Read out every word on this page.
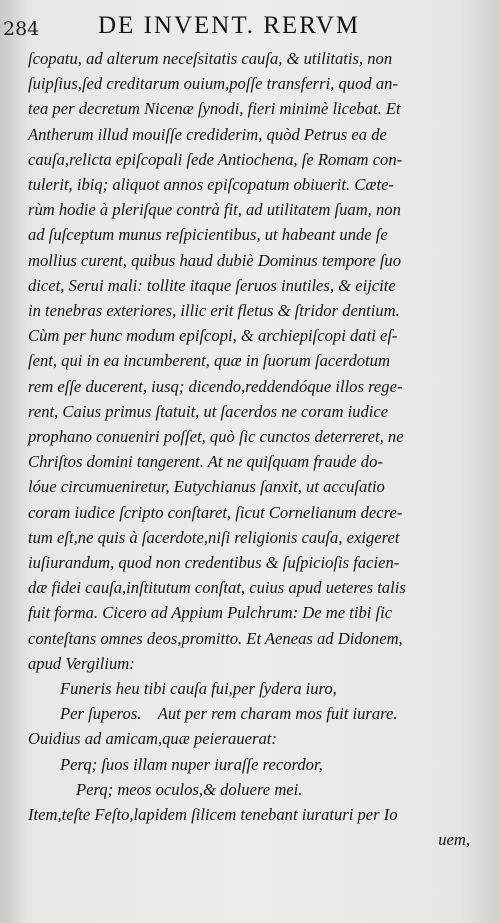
284 DE INVENT. RERVM
ſcopatu, ad alterum neceſsitatis cauſa, & utilitatis, non
ſuipſius,ſed creditarum ouium,poſſe transferri, quod an-
tea per decretum Nicenæ ſynodi, fieri minimè licebat. Et
Antherum illud mouiſſe crediderim, quòd Petrus ea de
cauſa,relicta epiſcopali ſede Antiochena, ſe Romam con-
tulerit, ibiq; aliquot annos epiſcopatum obiuerit. Cæte-
rùm hodie à pleriſque contrà fit, ad utilitatem ſuam, non
ad ſuſceptum munus reſpicientibus, ut habeant unde ſe
mollius curent, quibus haud dubiè Dominus tempore ſuo
dicet, Serui mali: tollite itaque ſeruos inutiles, & eijcite
in tenebras exteriores, illic erit fletus & ſtridor dentium.
Cùm per hunc modum epiſcopi, & archiepiſcopi dati eſ-
ſent, qui in ea incumberent, quæ in ſuorum ſacerdotum
rem eſſe ducerent, iusq; dicendo,reddendóque illos rege-
rent, Caius primus ſtatuit, ut ſacerdos ne coram iudice
prophano conueniri poſſet, quò ſic cunctos deterreret, ne
Chriſtos domini tangerent. At ne quiſquam fraude do-
lóue circumueniretur, Eutychianus ſanxit, ut accuſatio
coram iudice ſcripto conſtaret, ſicut Cornelianum decre-
tum eſt,ne quis à ſacerdote,niſi religionis cauſa, exigeret
iuſiurandum, quod non credentibus & ſuſpicioſis facien-
dæ fidei cauſa,inſtitutum conſtat, cuius apud ueteres talis
fuit forma. Cicero ad Appium Pulchrum: De me tibi ſic
conteſtans omnes deos,promitto. Et Aeneas ad Didonem,
apud Vergilium:
Funeris heu tibi cauſa fui,per ſydera iuro,
Per ſuperos.    Aut per rem charam mos fuit iurare.
Ouidius ad amicam,quæ peierauerat:
Perq; ſuos illam nuper iuraſſe recordor,
Perq; meos oculos,& doluere mei.
Item,teſte Feſto,lapidem ſilicem tenebant iuraturi per Io
uem,
